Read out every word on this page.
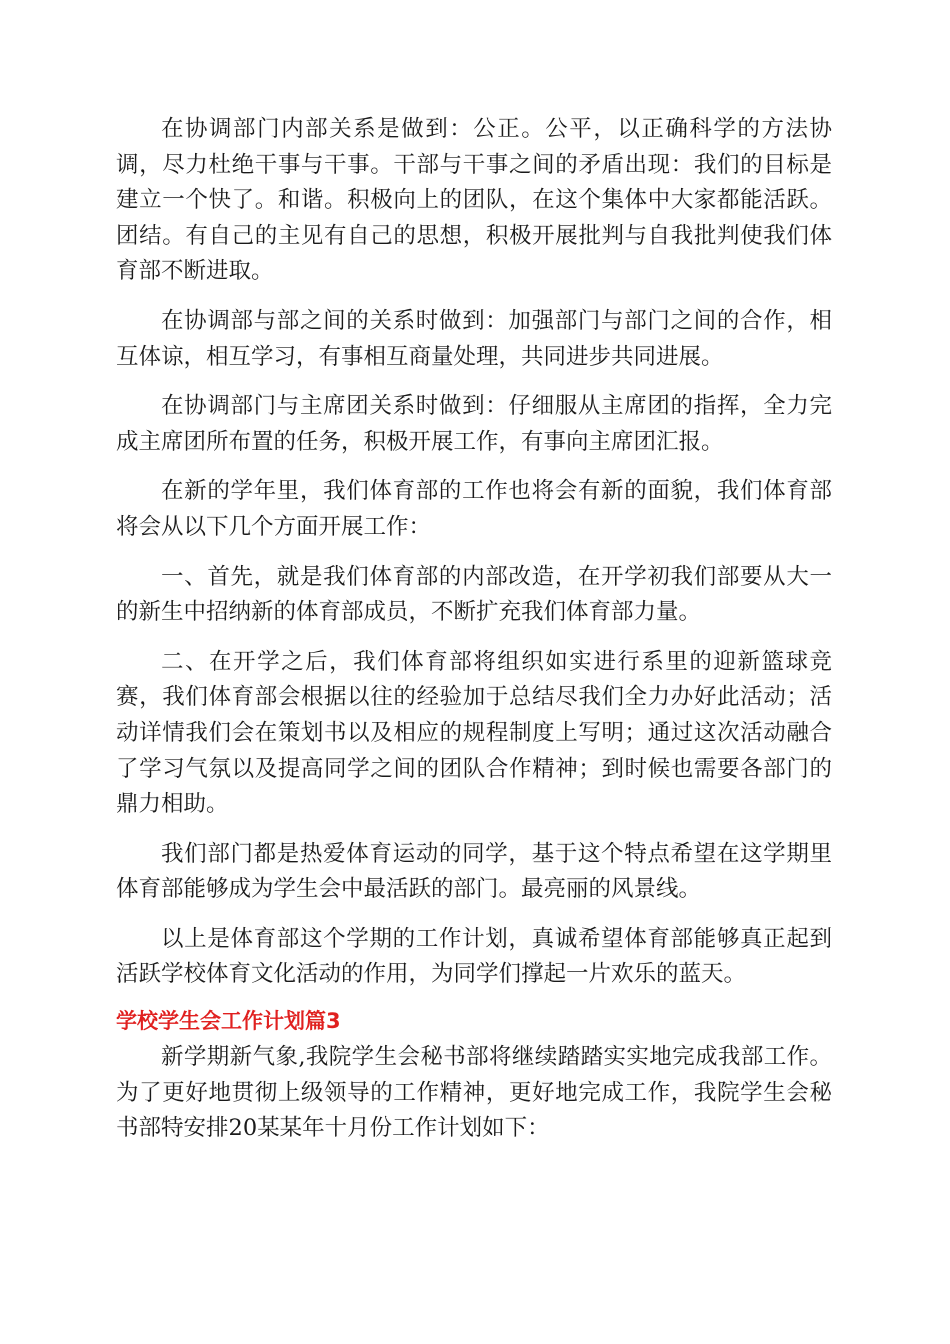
在协调部门内部关系是做到：公正。公平，以正确科学的方法协调，尽力杜绝干事与干事。干部与干事之间的矛盾出现：我们的目标是建立一个快了。和谐。积极向上的团队，在这个集体中大家都能活跃。团结。有自己的主见有自己的思想，积极开展批判与自我批判使我们体育部不断进取。

在协调部与部之间的关系时做到：加强部门与部门之间的合作，相互体谅，相互学习，有事相互商量处理，共同进步共同进展。

在协调部门与主席团关系时做到：仔细服从主席团的指挥，全力完成主席团所布置的任务，积极开展工作，有事向主席团汇报。

在新的学年里，我们体育部的工作也将会有新的面貌，我们体育部将会从以下几个方面开展工作：

一、首先，就是我们体育部的内部改造，在开学初我们部要从大一的新生中招纳新的体育部成员，不断扩充我们体育部力量。

二、在开学之后，我们体育部将组织如实进行系里的迎新篮球竞赛，我们体育部会根据以往的经验加于总结尽我们全力办好此活动；活动详情我们会在策划书以及相应的规程制度上写明；通过这次活动融合了学习气氛以及提高同学之间的团队合作精神；到时候也需要各部门的鼎力相助。

我们部门都是热爱体育运动的同学，基于这个特点希望在这学期里体育部能够成为学生会中最活跃的部门。最亮丽的风景线。

以上是体育部这个学期的工作计划，真诚希望体育部能够真正起到活跃学校体育文化活动的作用，为同学们撑起一片欢乐的蓝天。

学校学生会工作计划篇3

新学期新气象,我院学生会秘书部将继续踏踏实实地完成我部工作。为了更好地贯彻上级领导的工作精神，更好地完成工作，我院学生会秘书部特安排20某某年十月份工作计划如下：
